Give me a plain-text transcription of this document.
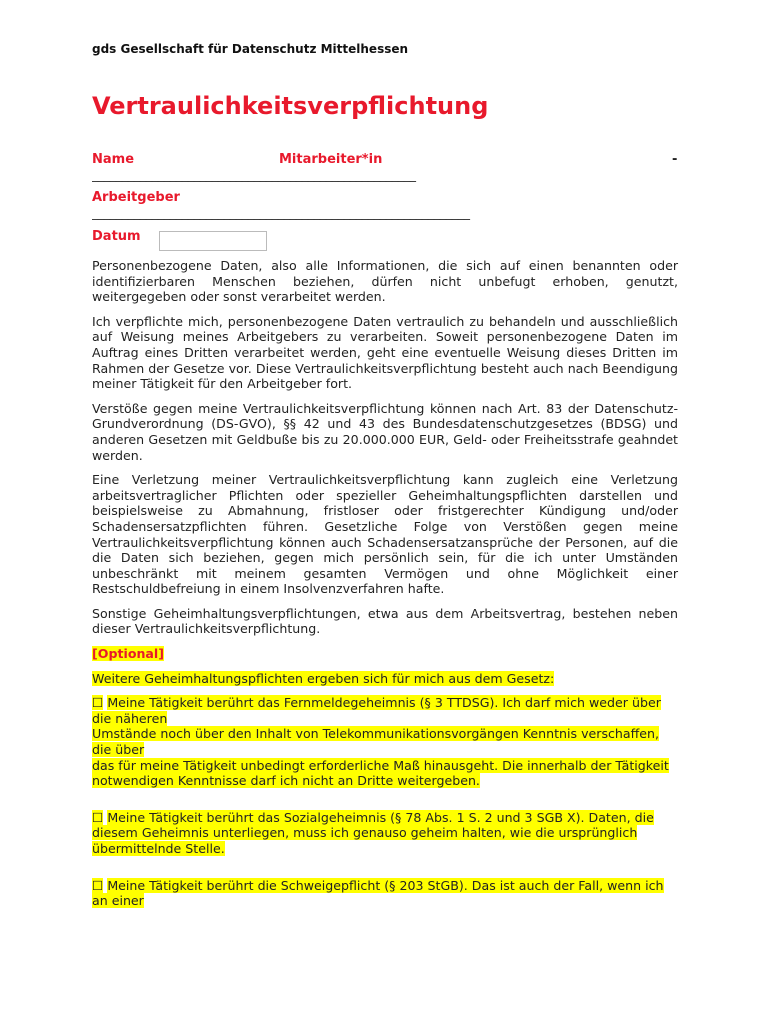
gds Gesellschaft für Datenschutz Mittelhessen
Vertraulichkeitsverpflichtung
Name	Mitarbeiter*in	-
______________________________________________________
Arbeitgeber
_______________________________________________________________
Datum

Personenbezogene Daten, also alle Informationen, die sich auf einen benannten oder identifizierbaren Menschen beziehen, dürfen nicht unbefugt erhoben, genutzt, weitergegeben oder sonst verarbeitet werden.

Ich verpflichte mich, personenbezogene Daten vertraulich zu behandeln und ausschließlich auf Weisung meines Arbeitgebers zu verarbeiten. Soweit personenbezogene Daten im Auftrag eines Dritten verarbeitet werden, geht eine eventuelle Weisung dieses Dritten im Rahmen der Gesetze vor. Diese Vertraulichkeitsverpflichtung besteht auch nach Beendigung meiner Tätigkeit für den Arbeitgeber fort.

Verstöße gegen meine Vertraulichkeitsverpflichtung können nach Art. 83 der Datenschutz-Grundverordnung (DS-GVO), §§ 42 und 43 des Bundesdatenschutzgesetzes (BDSG) und anderen Gesetzen mit Geldbuße bis zu 20.000.000 EUR, Geld- oder Freiheitsstrafe geahndet werden.

Eine Verletzung meiner Vertraulichkeitsverpflichtung kann zugleich eine Verletzung arbeitsvertraglicher Pflichten oder spezieller Geheimhaltungspflichten darstellen und beispielsweise zu Abmahnung, fristloser oder fristgerechter Kündigung und/oder Schadensersatzpflichten führen. Gesetzliche Folge von Verstößen gegen meine Vertraulichkeitsverpflichtung können auch Schadensersatzansprüche der Personen, auf die die Daten sich beziehen, gegen mich persönlich sein, für die ich unter Umständen unbeschränkt mit meinem gesamten Vermögen und ohne Möglichkeit einer Restschuldbefreiung in einem Insolvenzverfahren hafte.

Sonstige Geheimhaltungsverpflichtungen, etwa aus dem Arbeitsvertrag, bestehen neben dieser Vertraulichkeitsverpflichtung.

[Optional]
Weitere Geheimhaltungspflichten ergeben sich für mich aus dem Gesetz:
☐ Meine Tätigkeit berührt das Fernmeldegeheimnis (§ 3 TTDSG). Ich darf mich weder über die näheren
Umstände noch über den Inhalt von Telekommunikationsvorgängen Kenntnis verschaffen, die über
das für meine Tätigkeit unbedingt erforderliche Maß hinausgeht. Die innerhalb der Tätigkeit
notwendigen Kenntnisse darf ich nicht an Dritte weitergeben.
☐ Meine Tätigkeit berührt das Sozialgeheimnis (§ 78 Abs. 1 S. 2 und 3 SGB X). Daten, die diesem Geheimnis unterliegen, muss ich genauso geheim halten, wie die ursprünglich übermittelnde Stelle.
☐ Meine Tätigkeit berührt die Schweigepflicht (§ 203 StGB). Das ist auch der Fall, wenn ich an einer
